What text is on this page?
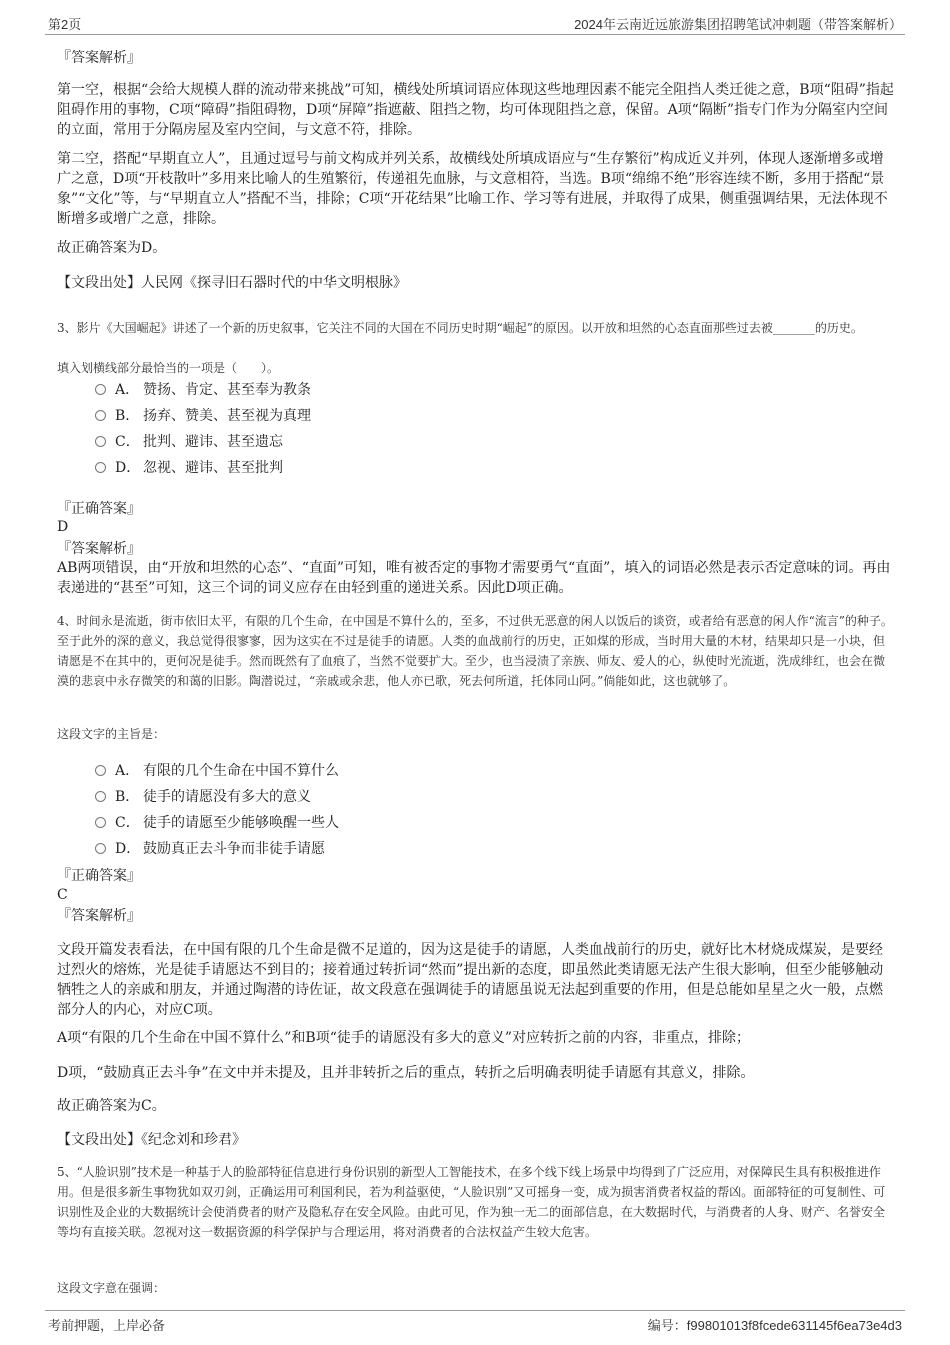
第2页	2024年云南近远旅游集团招聘笔试冲刺题（带答案解析）
『答案解析』
第一空，根据“会给大规模人群的流动带来挑战”可知，横线处所填词语应体现这些地理因素不能完全阻挡人类迁徙之意，B项“阻碍”指起阻碍作用的事物，C项“障碍”指阻碍物，D项“屏障”指遮蔽、阻挡之物，均可体现阻挡之意，保留。A项“隔断”指专门作为分隔室内空间的立面，常用于分隔房屋及室内空间，与文意不符，排除。
第二空，搭配“早期直立人”，且通过逗号与前文构成并列关系，故横线处所填成语应与“生存繁衍”构成近义并列，体现人逐渐增多或增广之意，D项“开枝散叶”多用来比喻人的生殖繁衍，传递祖先血脉，与文意相符，当选。B项“绵绵不绝”形容连续不断，多用于搭配“景象”“文化”等，与“早期直立人”搭配不当，排除；C项“开花结果”比喻工作、学习等有进展，并取得了成果，侧重强调结果，无法体现不断增多或增广之意，排除。
故正确答案为D。
【文段出处】人民网《探寻旧石器时代的中华文明根脉》
3、影片《大国崛起》讲述了一个新的历史叙事，它关注不同的大国在不同历史时期“崛起”的原因。以开放和坦然的心态直面那些过去被_______的历史。
填入划横线部分最恰当的一项是（　　）。
A． 赞扬、肯定、甚至奉为教条
B． 扬弃、赞美、甚至视为真理
C． 批判、避讳、甚至遗忘
D． 忽视、避讳、甚至批判
『正确答案』
D
『答案解析』
AB两项错误，由“开放和坦然的心态”、“直面”可知，唯有被否定的事物才需要勇气“直面”，填入的词语必然是表示否定意味的词。再由表递进的“甚至”可知，这三个词的词义应存在由轻到重的递进关系。因此D项正确。
4、时间永是流逝，街市依旧太平，有限的几个生命，在中国是不算什么的，至多，不过供无恶意的闲人以饭后的谈资，或者给有恶意的闲人作“流言”的种子。至于此外的深的意义，我总觉得很寥寥，因为这实在不过是徒手的请愿。人类的血战前行的历史，正如煤的形成，当时用大量的木材，结果却只是一小块，但请愿是不在其中的，更何况是徒手。然而既然有了血痕了，当然不觉要扩大。至少，也当浸渍了亲族、师友、爱人的心，纵使时光流逝，洗成绯红，也会在微漠的悲哀中永存微笑的和蔼的旧影。陶潜说过，“亲戚或余悲，他人亦已歌，死去何所道，托体同山阿。”倘能如此，这也就够了。
这段文字的主旨是：
A． 有限的几个生命在中国不算什么
B． 徒手的请愿没有多大的意义
C． 徒手的请愿至少能够唤醒一些人
D． 鼓励真正去斗争而非徒手请愿
『正确答案』
C
『答案解析』
文段开篇发表看法，在中国有限的几个生命是微不足道的，因为这是徒手的请愿，人类血战前行的历史，就好比木材烧成煤炭，是要经过烈火的熔炼，光是徒手请愿达不到目的；接着通过转折词“然而”提出新的态度，即虽然此类请愿无法产生很大影响，但至少能够触动牺牲之人的亲戚和朋友，并通过陶潜的诗佐证，故文段意在强调徒手的请愿虽说无法起到重要的作用，但是总能如星星之火一般，点燃部分人的内心，对应C项。
A项“有限的几个生命在中国不算什么”和B项“徒手的请愿没有多大的意义”对应转折之前的内容，非重点，排除；
D项，“鼓励真正去斗争”在文中并未提及，且并非转折之后的重点，转折之后明确表明徒手请愿有其意义，排除。
故正确答案为C。
【文段出处】《纪念刘和珍君》
5、“人脸识别”技术是一种基于人的脸部特征信息进行身份识别的新型人工智能技术，在多个线下线上场景中均得到了广泛应用，对保障民生具有积极推进作用。但是很多新生事物犹如双刃剑，正确运用可利国利民，若为利益驱使，“人脸识别”又可摇身一变，成为损害消费者权益的帮凶。面部特征的可复制性、可识别性及企业的大数据统计会使消费者的财产及隐私存在安全风险。由此可见，作为独一无二的面部信息，在大数据时代，与消费者的人身、财产、名誉安全等均有直接关联。忽视对这一数据资源的科学保护与合理运用，将对消费者的合法权益产生较大危害。
这段文字意在强调：
考前押题，上岸必备	编号：f99801013f8fcede631145f6ea73e4d3
